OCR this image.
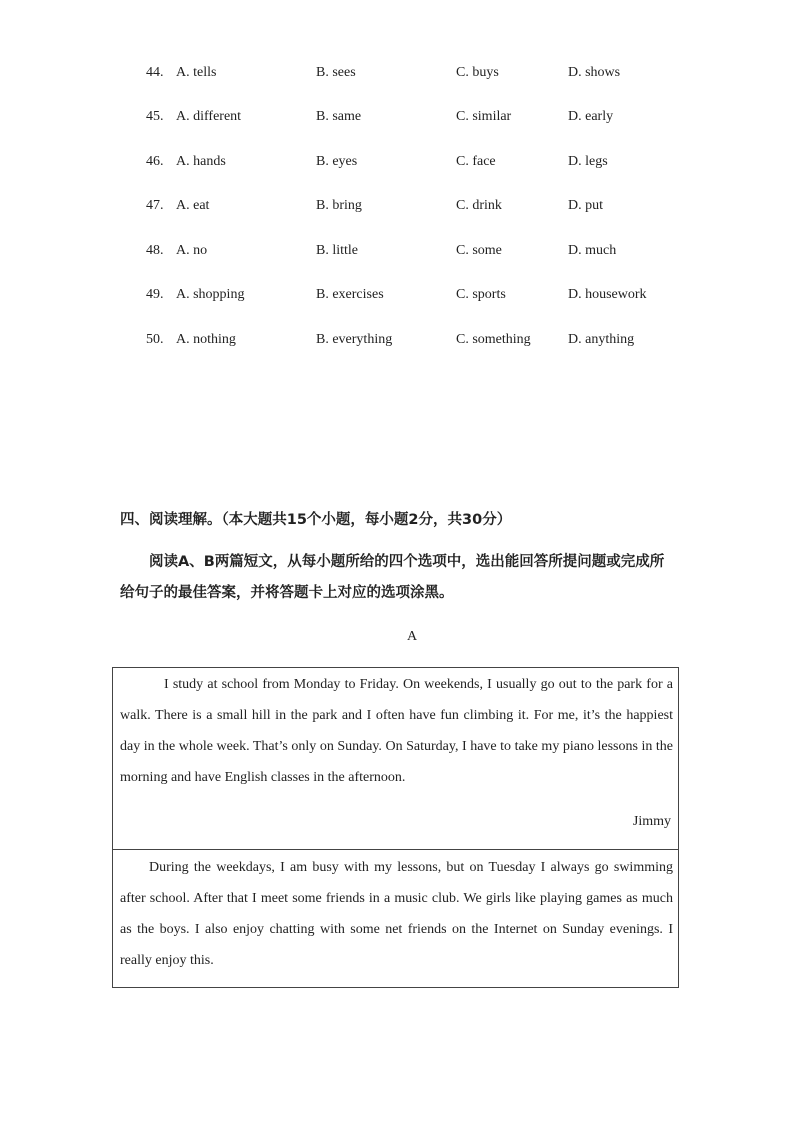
44. A. tells	B. sees	C. buys	D. shows
45. A. different	B. same	C. similar	D. early
46. A. hands	B. eyes	C. face	D. legs
47. A. eat	B. bring	C. drink	D. put
48. A. no	B. little	C. some	D. much
49. A. shopping	B. exercises	C. sports	D. housework
50. A. nothing	B. everything	C. something	D. anything
四、阅读理解。（本大题共15个小题，每小题2分，共30分）
阅读A、B两篇短文，从每小题所给的四个选项中，选出能回答所提问题或完成所给句子的最佳答案，并将答题卡上对应的选项涂黑。
A
I study at school from Monday to Friday. On weekends, I usually go out to the park for a walk. There is a small hill in the park and I often have fun climbing it. For me, it’s the happiest day in the whole week. That’s only on Sunday. On Saturday, I have to take my piano lessons in the morning and have English classes in the afternoon.
Jimmy
During the weekdays, I am busy with my lessons, but on Tuesday I always go swimming after school. After that I meet some friends in a music club. We girls like playing games as much as the boys. I also enjoy chatting with some net friends on the Internet on Sunday evenings. I really enjoy this.
